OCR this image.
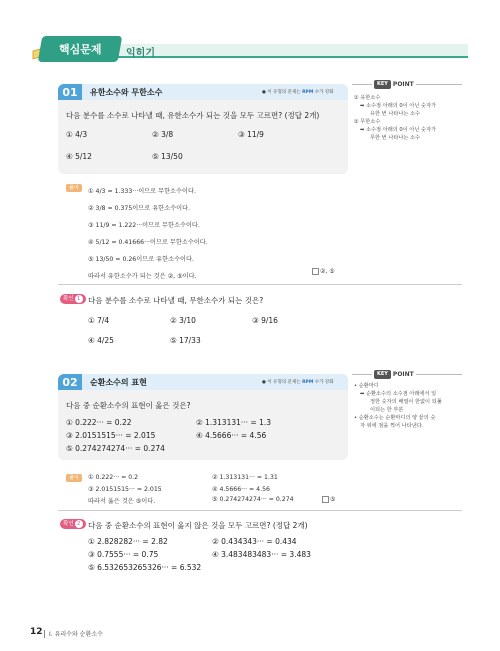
핵심문제 익히기
01	유한소수와 무한소수	● 이 유형의 문제는 RPM 수가 강화
다음 분수를 소수로 나타낼 때, 유한소수가 되는 것을 모두 고르면? (정답 2개)
① 4/3	② 3/8	③ 11/9
④ 5/12	⑤ 13/50
KEY POINT
① 유한소수
➡ 소수점 아래의 0이 아닌 숫자가
유한 번 나타나는 소수
② 무한소수
➡ 소수점 아래의 0이 아닌 숫자가
무한 번 나타나는 소수
풀이	① 4/3 = 1.333···이므로 무한소수이다.
② 3/8 = 0.375이므로 유한소수이다.
③ 11/9 = 1.222···이므로 무한소수이다.
④ 5/12 = 0.41666···이므로 무한소수이다.
⑤ 13/50 = 0.26이므로 유한소수이다.
따라서 유한소수가 되는 것은 ②, ⑤이다.
②, ⑤
확인 1	다음 분수를 소수로 나타낼 때, 무한소수가 되는 것은?
① 7/4	② 3/10	③ 9/16
④ 4/25	⑤ 17/33
02	순환소수의 표현	● 이 유형의 문제는 RPM 수가 강화
다음 중 순환소수의 표현이 옳은 것은?
① 0.222··· = 0.2̇2̇	② 1.313131··· = 1.3̇
③ 2.0151515··· = 2.0̇1̇5̇	④ 4.5666··· = 4.5̇6̇
⑤ 0.274274274··· = 0.2̇7̇4̇
KEY POINT
• 순환마디
➡ 순환소수의 소수점 아래에서 일
정한 숫자의 배열이 한없이 되풀
이되는 한 부분
• 순환소수는 순환마디의 양 끝의 숫
자 위에 점을 찍어 나타낸다.
풀이	① 0.222··· = 0.2̇
③ 2.0151515··· = 2.01̇5̇
따라서 옳은 것은 ⑤이다.
② 1.313131··· = 1.3̇1̇
④ 4.5666··· = 4.56̇
⑤ 0.274274274··· = 0.2̇74̇	⑤
확인 2	다음 중 순환소수의 표현이 옳지 않은 것을 모두 고르면? (정답 2개)
① 2.828282··· = 2.8̇2̇	② 0.434343··· = 0.4̇3̇4̇
③ 0.7555··· = 0.7̇5̇	④ 3.483483483··· = 3.4̇83̇
⑤ 6.532653265326··· = 6.5̇32̇
12 I. 유리수와 순환소수
